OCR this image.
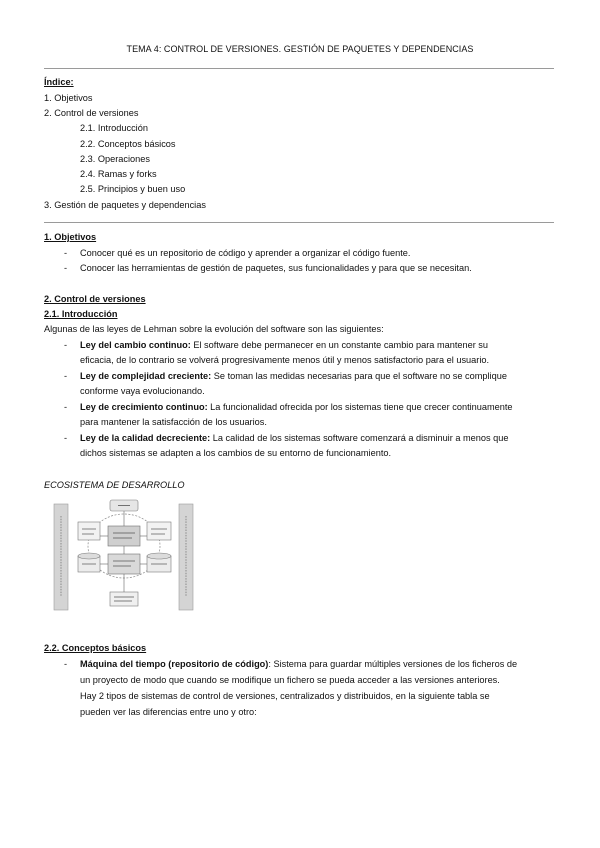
TEMA 4: CONTROL DE VERSIONES. GESTIÓN DE PAQUETES Y DEPENDENCIAS
Índice:
1. Objetivos
2. Control de versiones
2.1. Introducción
2.2. Conceptos básicos
2.3. Operaciones
2.4. Ramas y forks
2.5. Principios y buen uso
3. Gestión de paquetes y dependencias
1. Objetivos
- Conocer qué es un repositorio de código y aprender a organizar el código fuente.
- Conocer las herramientas de gestión de paquetes, sus funcionalidades y para que se necesitan.
2. Control de versiones
2.1. Introducción
Algunas de las leyes de Lehman sobre la evolución del software son las siguientes:
- Ley del cambio continuo: El software debe permanecer en un constante cambio para mantener su
eficacia, de lo contrario se volverá progresivamente menos útil y menos satisfactorio para el usuario.
- Ley de complejidad creciente: Se toman las medidas necesarias para que el software no se complique
conforme vaya evolucionando.
- Ley de crecimiento continuo: La funcionalidad ofrecida por los sistemas tiene que crecer continuamente
para mantener la satisfacción de los usuarios.
- Ley de la calidad decreciente: La calidad de los sistemas software comenzará a disminuir a menos que
dichos sistemas se adapten a los cambios de su entorno de funcionamiento.
ECOSISTEMA DE DESARROLLO
2.2. Conceptos básicos
- Máquina del tiempo (repositorio de código): Sistema para guardar múltiples versiones de los ficheros de
un proyecto de modo que cuando se modifique un fichero se pueda acceder a las versiones anteriores.
Hay 2 tipos de sistemas de control de versiones, centralizados y distribuidos, en la siguiente tabla se
pueden ver las diferencias entre uno y otro:
